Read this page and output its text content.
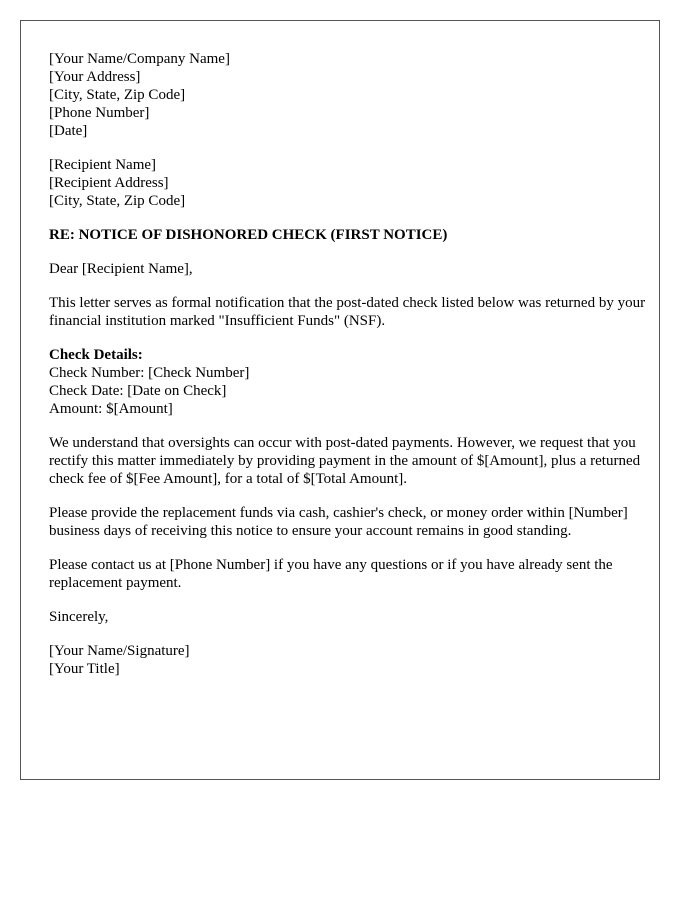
[Your Name/Company Name]
[Your Address]
[City, State, Zip Code]
[Phone Number]
[Date]
[Recipient Name]
[Recipient Address]
[City, State, Zip Code]

RE: NOTICE OF DISHONORED CHECK (FIRST NOTICE)

Dear [Recipient Name],

This letter serves as formal notification that the post-dated check listed below was returned by your financial institution marked "Insufficient Funds" (NSF).

Check Details:
Check Number: [Check Number]
Check Date: [Date on Check]
Amount: $[Amount]

We understand that oversights can occur with post-dated payments. However, we request that you rectify this matter immediately by providing payment in the amount of $[Amount], plus a returned check fee of $[Fee Amount], for a total of $[Total Amount].

Please provide the replacement funds via cash, cashier's check, or money order within [Number] business days of receiving this notice to ensure your account remains in good standing.

Please contact us at [Phone Number] if you have any questions or if you have already sent the replacement payment.

Sincerely,

[Your Name/Signature]
[Your Title]
